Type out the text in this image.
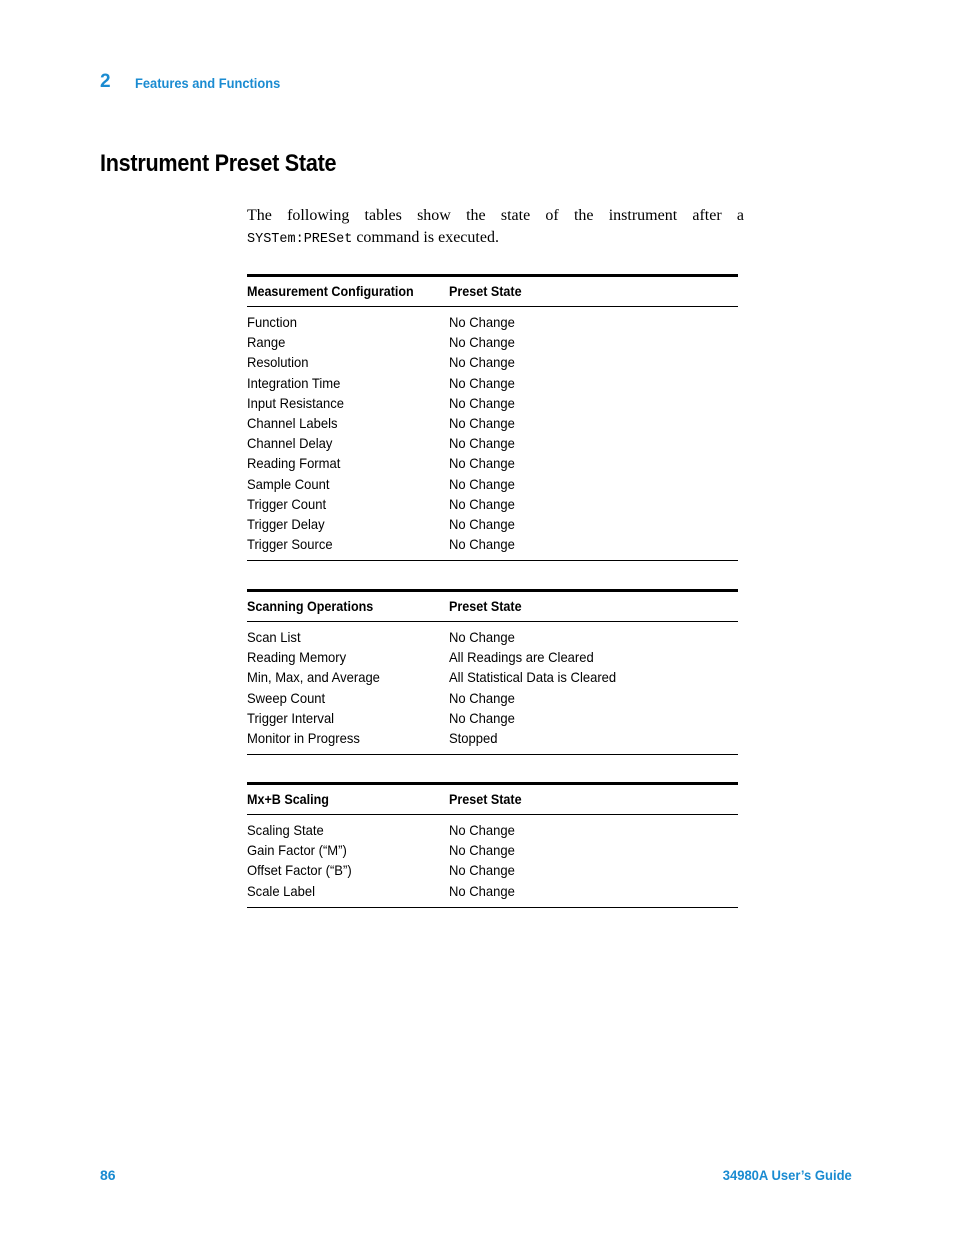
2 Features and Functions
Instrument Preset State

The following tables show the state of the instrument after a
SYSTem:PRESet command is executed.

Measurement Configuration	Preset State
Function	No Change
Range	No Change
Resolution	No Change
Integration Time	No Change
Input Resistance	No Change
Channel Labels	No Change
Channel Delay	No Change
Reading Format	No Change
Sample Count	No Change
Trigger Count	No Change
Trigger Delay	No Change
Trigger Source	No Change
Scanning Operations	Preset State
Scan List	No Change
Reading Memory	All Readings are Cleared
Min, Max, and Average	All Statistical Data is Cleared
Sweep Count	No Change
Trigger Interval	No Change
Monitor in Progress	Stopped
Mx+B Scaling	Preset State
Scaling State	No Change
Gain Factor (“M”)	No Change
Offset Factor (“B”)	No Change
Scale Label	No Change
86	34980A User’s Guide
